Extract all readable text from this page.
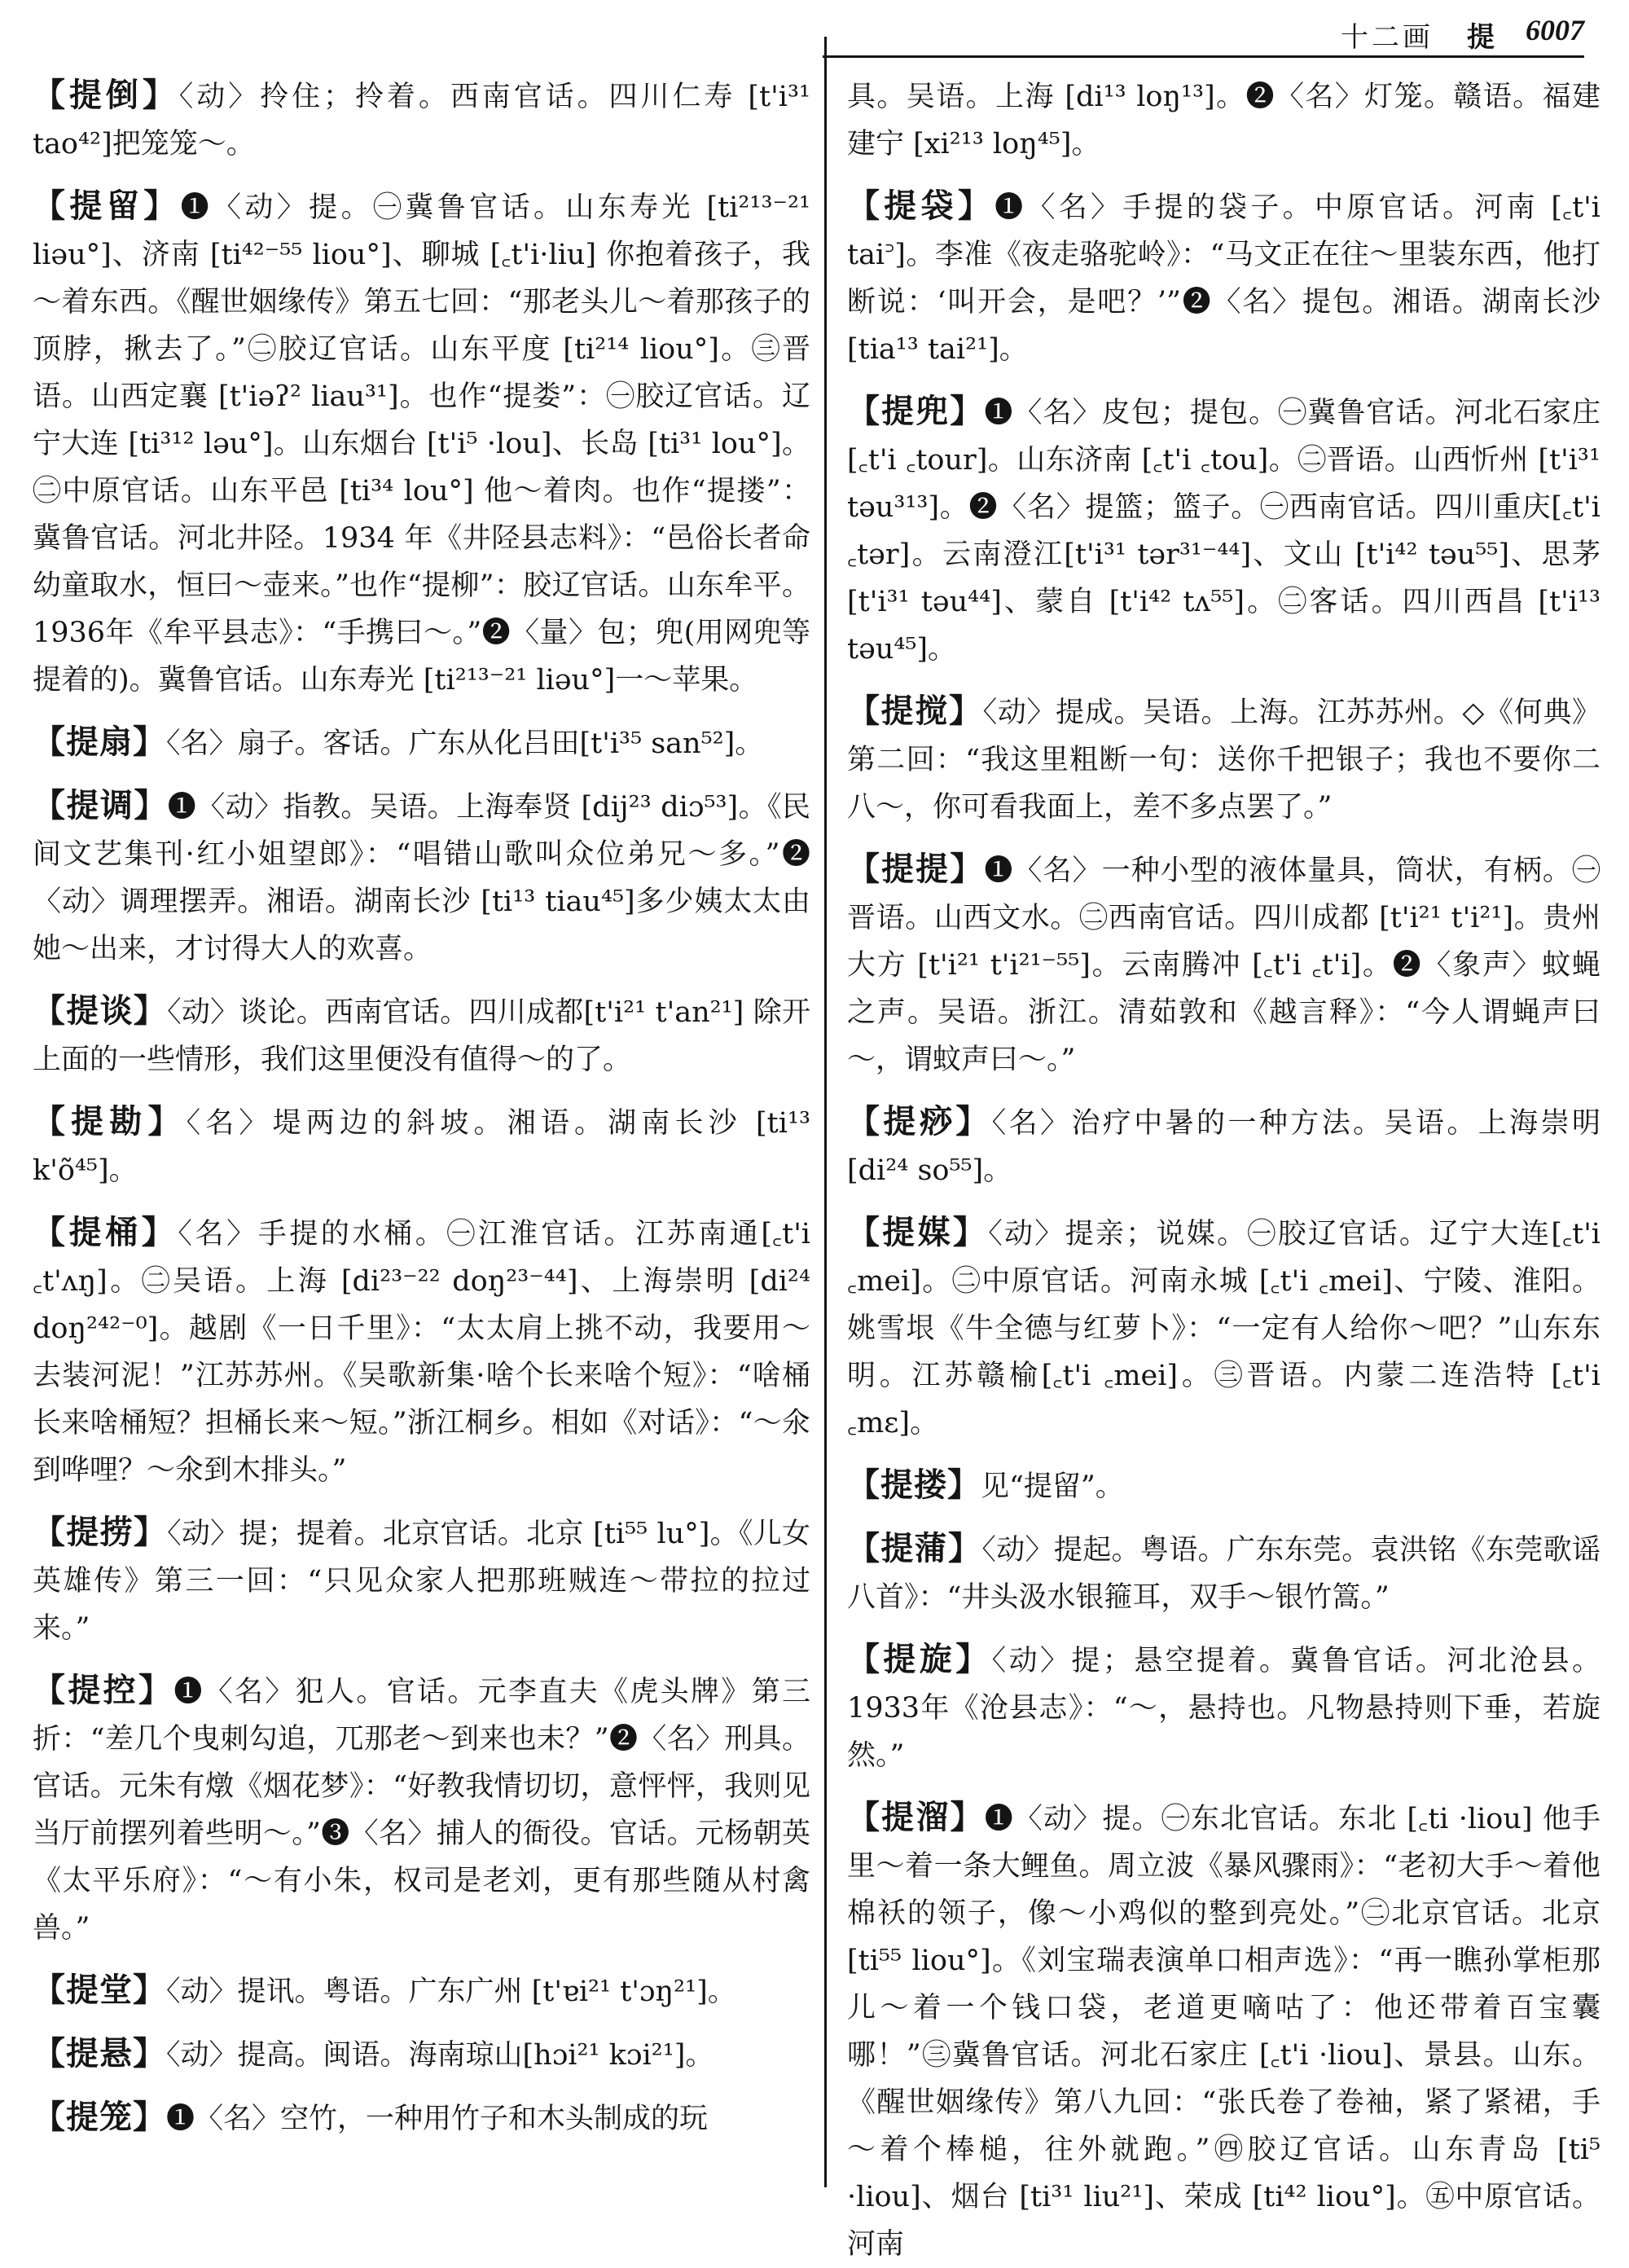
十二画 提 6007
【提倒】〈动〉拎住；拎着。西南官话。四川仁寿 [t'i³¹ tao⁴²]把笼笼～。
【提留】❶〈动〉提。㊀冀鲁官话。山东寿光 [ti²¹³⁻²¹ liəu°]、济南 [ti⁴²⁻⁵⁵ liou°]、聊城 [꜀t'i·liu] 你抱着孩子，我～着东西。《醒世姻缘传》第五七回：“那老头儿～着那孩子的顶脖，揪去了。”㊁胶辽官话。山东平度 [ti²¹⁴ liou°]。㊂晋语。山西定襄 [t'iəʔ² liau³¹]。也作“提娄”：㊀胶辽官话。辽宁大连 [ti³¹² ləu°]。山东烟台 [t'i⁵ ·lou]、长岛 [ti³¹ lou°]。㊁中原官话。山东平邑 [ti³⁴ lou°] 他～着肉。也作“提搂”：冀鲁官话。河北井陉。1934 年《井陉县志料》：“邑俗长者命幼童取水，恒曰～壶来。”也作“提柳”：胶辽官话。山东牟平。1936年《牟平县志》：“手携曰～。”❷〈量〉包；兜(用网兜等提着的)。冀鲁官话。山东寿光 [ti²¹³⁻²¹ liəu°]一～苹果。
【提扇】〈名〉扇子。客话。广东从化吕田[t'i³⁵ san⁵²]。
【提调】❶〈动〉指教。吴语。上海奉贤 [dij²³ diɔ⁵³]。《民间文艺集刊·红小姐望郎》：“唱错山歌叫众位弟兄～多。”❷〈动〉调理摆弄。湘语。湖南长沙 [ti¹³ tiau⁴⁵]多少姨太太由她～出来，才讨得大人的欢喜。
【提谈】〈动〉谈论。西南官话。四川成都[t'i²¹ t'an²¹] 除开上面的一些情形，我们这里便没有值得～的了。
【提勘】〈名〉堤两边的斜坡。湘语。湖南长沙 [ti¹³ k'õ⁴⁵]。
【提桶】〈名〉手提的水桶。㊀江淮官话。江苏南通[꜀t'i ꜀t'ʌŋ]。㊁吴语。上海 [di²³⁻²² doŋ²³⁻⁴⁴]、上海崇明 [di²⁴ doŋ²⁴²⁻⁰]。越剧《一日千里》：“太太肩上挑不动，我要用～去装河泥！”江苏苏州。《吴歌新集·啥个长来啥个短》：“啥桶长来啥桶短？担桶长来～短。”浙江桐乡。相如《对话》：“～氽到哗哩？～氽到木排头。”
【提捞】〈动〉提；提着。北京官话。北京 [ti⁵⁵ lu°]。《儿女英雄传》第三一回：“只见众家人把那班贼连～带拉的拉过来。”
【提控】❶〈名〉犯人。官话。元李直夫《虎头牌》第三折：“差几个曳刺勾追，兀那老～到来也未？”❷〈名〉刑具。官话。元朱有燉《烟花梦》：“好教我情切切，意怦怦，我则见当厅前摆列着些明～。”❸〈名〉捕人的衙役。官话。元杨朝英《太平乐府》：“～有小朱，权司是老刘，更有那些随从村禽兽。”
【提堂】〈动〉提讯。粤语。广东广州 [t'ɐi²¹ t'ɔŋ²¹]。
【提悬】〈动〉提高。闽语。海南琼山[hɔi²¹ kɔi²¹]。
【提笼】❶〈名〉空竹，一种用竹子和木头制成的玩
具。吴语。上海 [di¹³ loŋ¹³]。❷〈名〉灯笼。赣语。福建建宁 [xi²¹³ loŋ⁴⁵]。
【提袋】❶〈名〉手提的袋子。中原官话。河南 [꜀t'i tai꜄]。李准《夜走骆驼岭》：“马文正在往～里装东西，他打断说：‘叫开会，是吧？’”❷〈名〉提包。湘语。湖南长沙 [tia¹³ tai²¹]。
【提兜】❶〈名〉皮包；提包。㊀冀鲁官话。河北石家庄 [꜀t'i ꜀tour]。山东济南 [꜀t'i ꜀tou]。㊁晋语。山西忻州 [t'i³¹ təu³¹³]。❷〈名〉提篮；篮子。㊀西南官话。四川重庆[꜀t'i ꜀tər]。云南澄江[t'i³¹ tər³¹⁻⁴⁴]、文山 [t'i⁴² təu⁵⁵]、思茅 [t'i³¹ təu⁴⁴]、蒙自 [t'i⁴² tʌ⁵⁵]。㊁客话。四川西昌 [t'i¹³ təu⁴⁵]。
【提搅】〈动〉提成。吴语。上海。江苏苏州。◇《何典》第二回：“我这里粗断一句：送你千把银子；我也不要你二八～，你可看我面上，差不多点罢了。”
【提提】❶〈名〉一种小型的液体量具，筒状，有柄。㊀晋语。山西文水。㊁西南官话。四川成都 [t'i²¹ t'i²¹]。贵州大方 [t'i²¹ t'i²¹⁻⁵⁵]。云南腾冲 [꜀t'i ꜀t'i]。❷〈象声〉蚊蝇之声。吴语。浙江。清茹敦和《越言释》：“今人谓蝇声曰～，谓蚊声曰～。”
【提痧】〈名〉治疗中暑的一种方法。吴语。上海崇明 [di²⁴ so⁵⁵]。
【提媒】〈动〉提亲；说媒。㊀胶辽官话。辽宁大连[꜀t'i ꜀mei]。㊁中原官话。河南永城 [꜀t'i ꜀mei]、宁陵、淮阳。姚雪垠《牛全德与红萝卜》：“一定有人给你～吧？”山东东明。江苏赣榆[꜀t'i ꜀mei]。㊂晋语。内蒙二连浩特 [꜀t'i ꜀mɛ]。
【提搂】见“提留”。
【提蒲】〈动〉提起。粤语。广东东莞。袁洪铭《东莞歌谣八首》：“井头汲水银箍耳，双手～银竹篙。”
【提旋】〈动〉提；悬空提着。冀鲁官话。河北沧县。1933年《沧县志》：“～，悬持也。凡物悬持则下垂，若旋然。”
【提溜】❶〈动〉提。㊀东北官话。东北 [꜀ti ·liou] 他手里～着一条大鲤鱼。周立波《暴风骤雨》：“老初大手～着他棉袄的领子，像～小鸡似的整到亮处。”㊁北京官话。北京 [ti⁵⁵ liou°]。《刘宝瑞表演单口相声选》：“再一瞧孙掌柜那儿～着一个钱口袋，老道更嘀咕了：他还带着百宝囊哪！”㊂冀鲁官话。河北石家庄 [꜀t'i ·liou]、景县。山东。《醒世姻缘传》第八九回：“张氏卷了卷袖，紧了紧裙，手～着个棒槌，往外就跑。”㊃胶辽官话。山东青岛 [ti⁵ ·liou]、烟台 [ti³¹ liu²¹]、荣成 [ti⁴² liou°]。㊄中原官话。河南
